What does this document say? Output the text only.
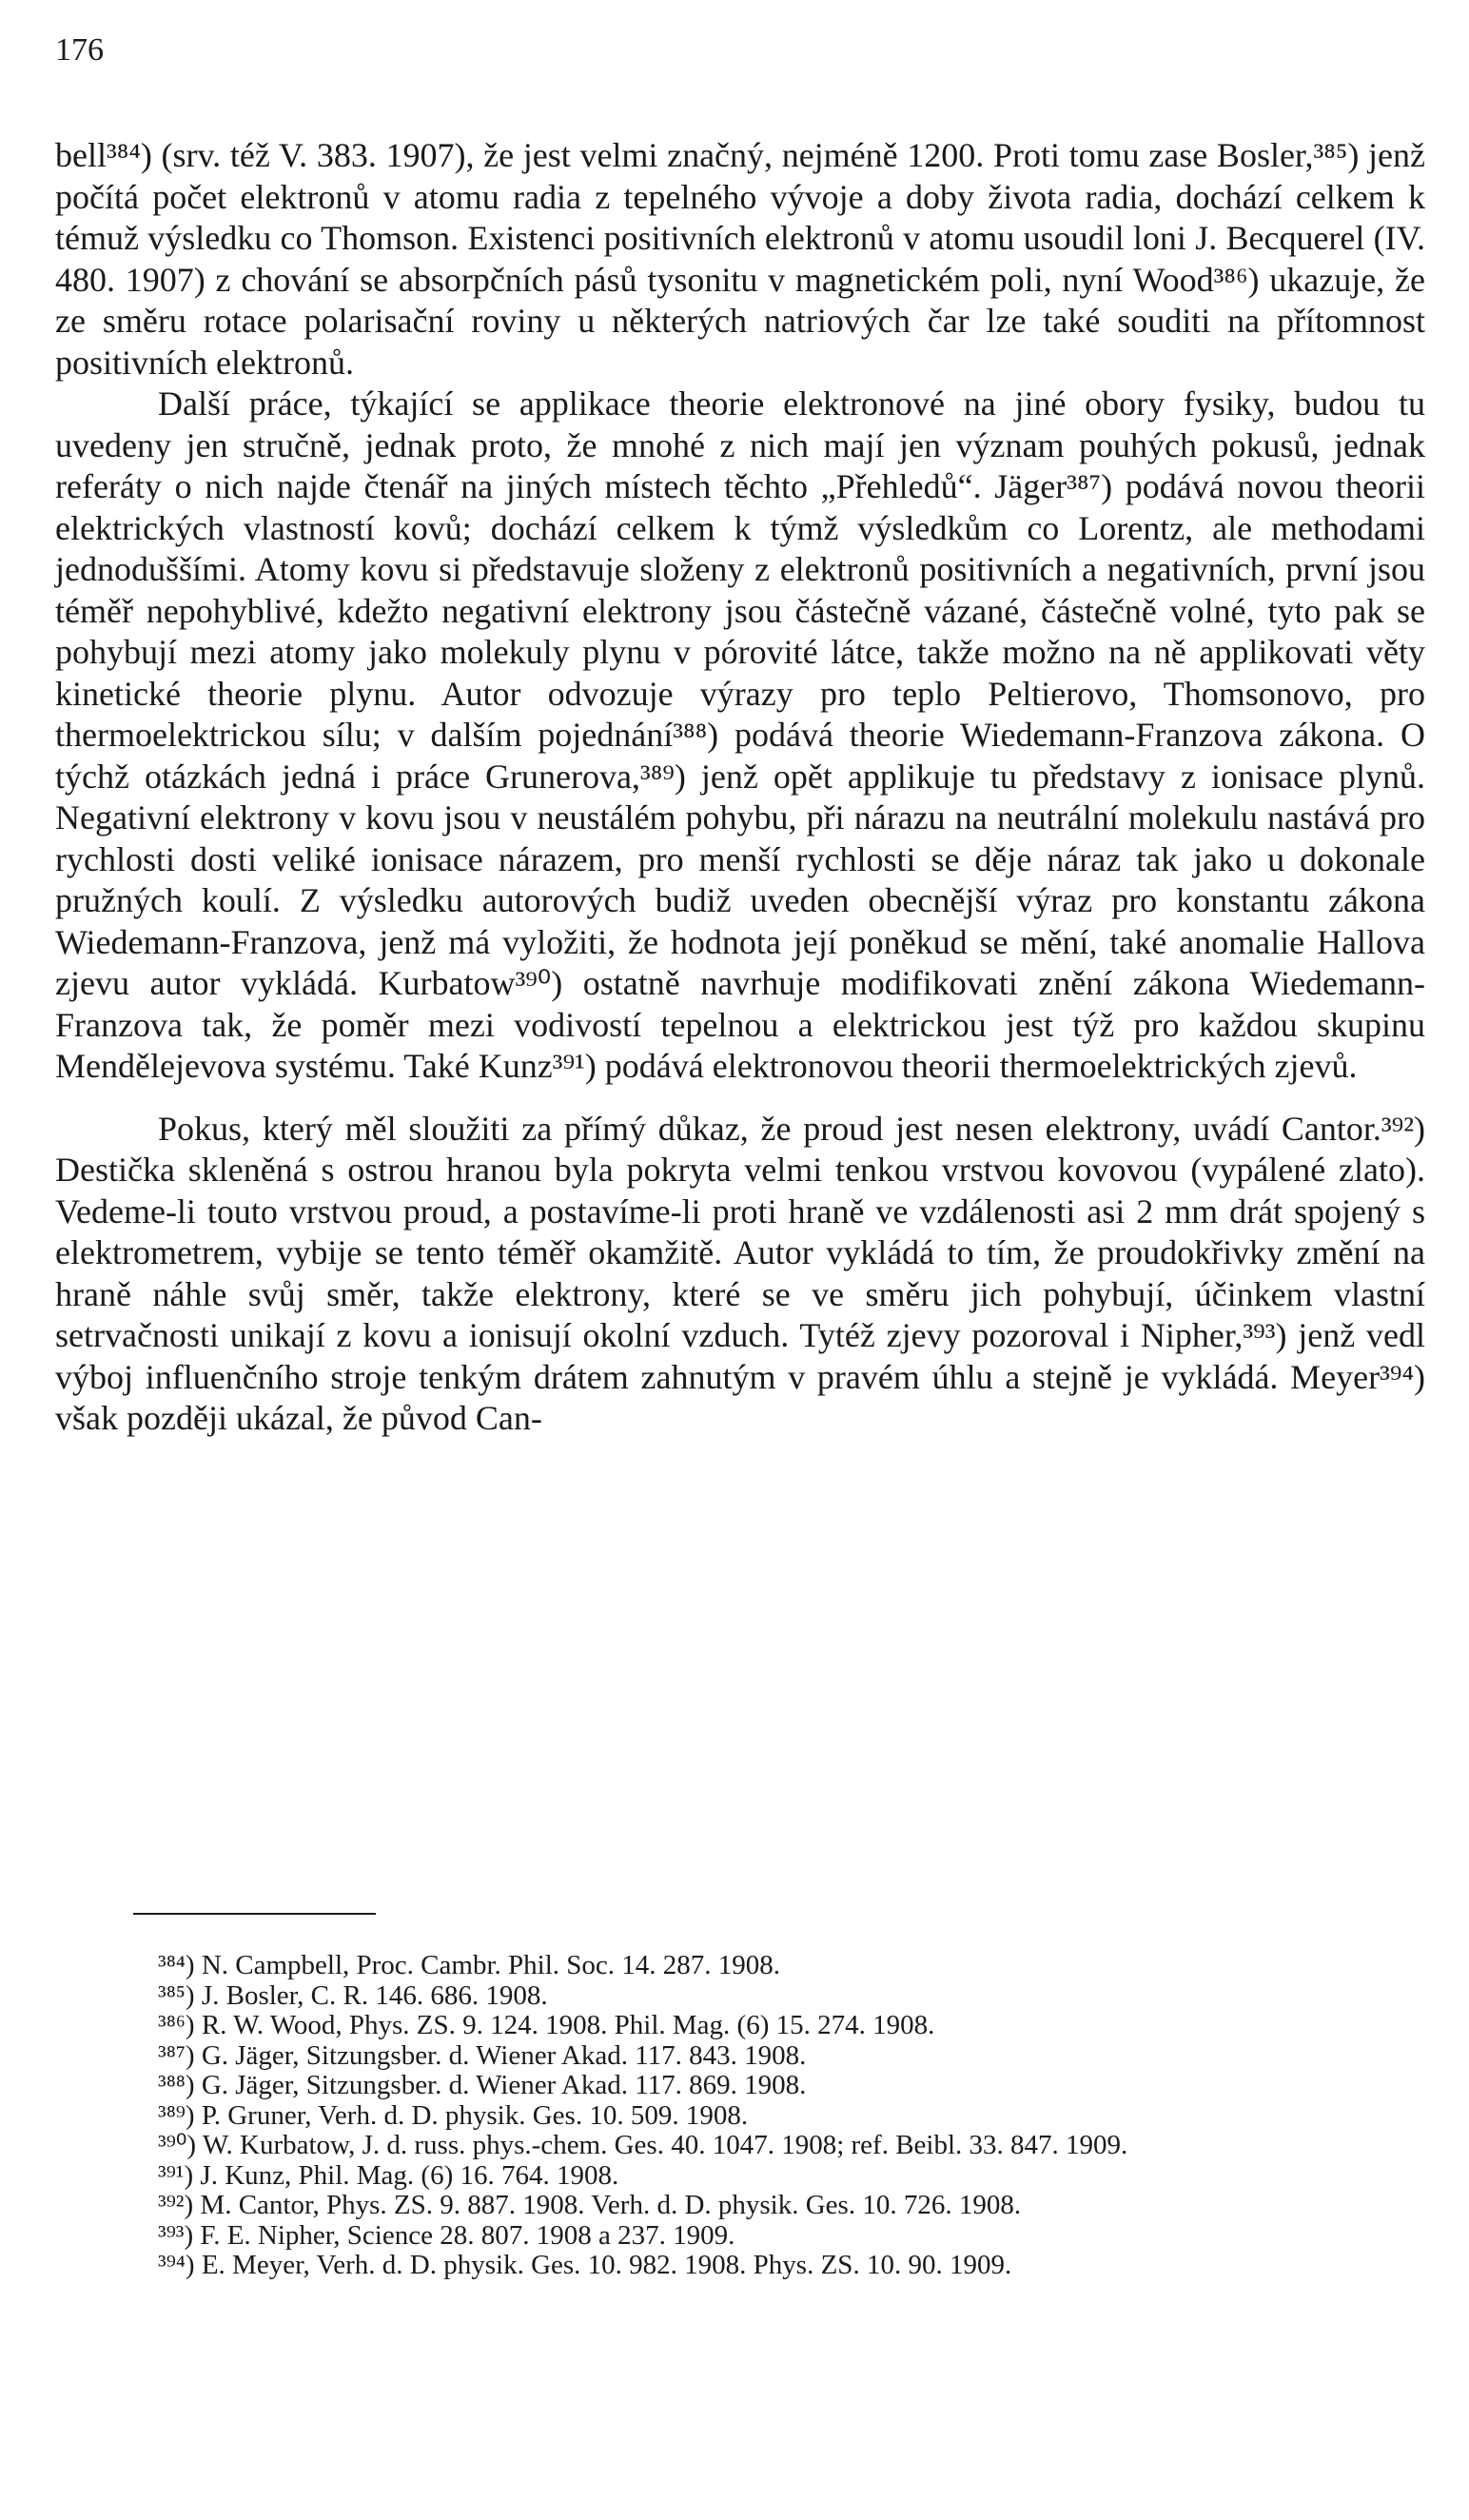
176

bell³⁸⁴) (srv. též V. 383. 1907), že jest velmi značný, nejméně 1200. Proti tomu zase Bosler,³⁸⁵) jenž počítá počet elektronů v atomu radia z tepelného vývoje a doby života radia, dochází celkem k témuž výsledku co Thomson. Existenci positivních elektronů v atomu usoudil loni J. Becquerel (IV. 480. 1907) z chování se absorpčních pásů tysonitu v magnetickém poli, nyní Wood³⁸⁶) ukazuje, že ze směru rotace polarisační roviny u některých natriových čar lze také souditi na přítomnost positivních elektronů.

Další práce, týkající se applikace theorie elektronové na jiné obory fysiky, budou tu uvedeny jen stručně, jednak proto, že mnohé z nich mají jen význam pouhých pokusů, jednak referáty o nich najde čtenář na jiných místech těchto „Přehledů“. Jäger³⁸⁷) podává novou theorii elektrických vlastností kovů; dochází celkem k týmž výsledkům co Lorentz, ale methodami jednoduššími. Atomy kovu si představuje složeny z elektronů positivních a negativních, první jsou téměř nepohyblivé, kdežto negativní elektrony jsou částečně vázané, částečně volné, tyto pak se pohybují mezi atomy jako molekuly plynu v pórovité látce, takže možno na ně applikovati věty kinetické theorie plynu. Autor odvozuje výrazy pro teplo Peltierovo, Thomsonovo, pro thermoelektrickou sílu; v dalším pojednání³⁸⁸) podává theorie Wiedemann-Franzova zákona. O týchž otázkách jedná i práce Grunerova,³⁸⁹) jenž opět applikuje tu představy z ionisace plynů. Negativní elektrony v kovu jsou v neustálém pohybu, při nárazu na neutrální molekulu nastává pro rychlosti dosti veliké ionisace nárazem, pro menší rychlosti se děje náraz tak jako u dokonale pružných koulí. Z výsledku autorových budiž uveden obecnější výraz pro konstantu zákona Wiedemann-Franzova, jenž má vyložiti, že hodnota její poněkud se mění, také anomalie Hallova zjevu autor vykládá. Kurbatow³⁹⁰) ostatně navrhuje modifikovati znění zákona Wiedemann-Franzova tak, že poměr mezi vodivostí tepelnou a elektrickou jest týž pro každou skupinu Mendělejevova systému. Také Kunz³⁹¹) podává elektronovou theorii thermoelektrických zjevů.

Pokus, který měl sloužiti za přímý důkaz, že proud jest nesen elektrony, uvádí Cantor.³⁹²) Destička skleněná s ostrou hranou byla pokryta velmi tenkou vrstvou kovovou (vypálené zlato). Vedeme-li touto vrstvou proud, a postavíme-li proti hraně ve vzdálenosti asi 2 mm drát spojený s elektrometrem, vybije se tento téměř okamžitě. Autor vykládá to tím, že proudokřivky změní na hraně náhle svůj směr, takže elektrony, které se ve směru jich pohybují, účinkem vlastní setrvačnosti unikají z kovu a ionisují okolní vzduch. Tytéž zjevy pozoroval i Nipher,³⁹³) jenž vedl výboj influenčního stroje tenkým drátem zahnutým v pravém úhlu a stejně je vykládá. Meyer³⁹⁴) však později ukázal, že původ Can-

³⁸⁴) N. Campbell, Proc. Cambr. Phil. Soc. 14. 287. 1908.

³⁸⁵) J. Bosler, C. R. 146. 686. 1908.

³⁸⁶) R. W. Wood, Phys. ZS. 9. 124. 1908. Phil. Mag. (6) 15. 274. 1908.

³⁸⁷) G. Jäger, Sitzungsber. d. Wiener Akad. 117. 843. 1908.

³⁸⁸) G. Jäger, Sitzungsber. d. Wiener Akad. 117. 869. 1908.

³⁸⁹) P. Gruner, Verh. d. D. physik. Ges. 10. 509. 1908.

³⁹⁰) W. Kurbatow, J. d. russ. phys.-chem. Ges. 40. 1047. 1908; ref. Beibl. 33. 847. 1909.

³⁹¹) J. Kunz, Phil. Mag. (6) 16. 764. 1908.

³⁹²) M. Cantor, Phys. ZS. 9. 887. 1908. Verh. d. D. physik. Ges. 10. 726. 1908.

³⁹³) F. E. Nipher, Science 28. 807. 1908 a 237. 1909.

³⁹⁴) E. Meyer, Verh. d. D. physik. Ges. 10. 982. 1908. Phys. ZS. 10. 90. 1909.
